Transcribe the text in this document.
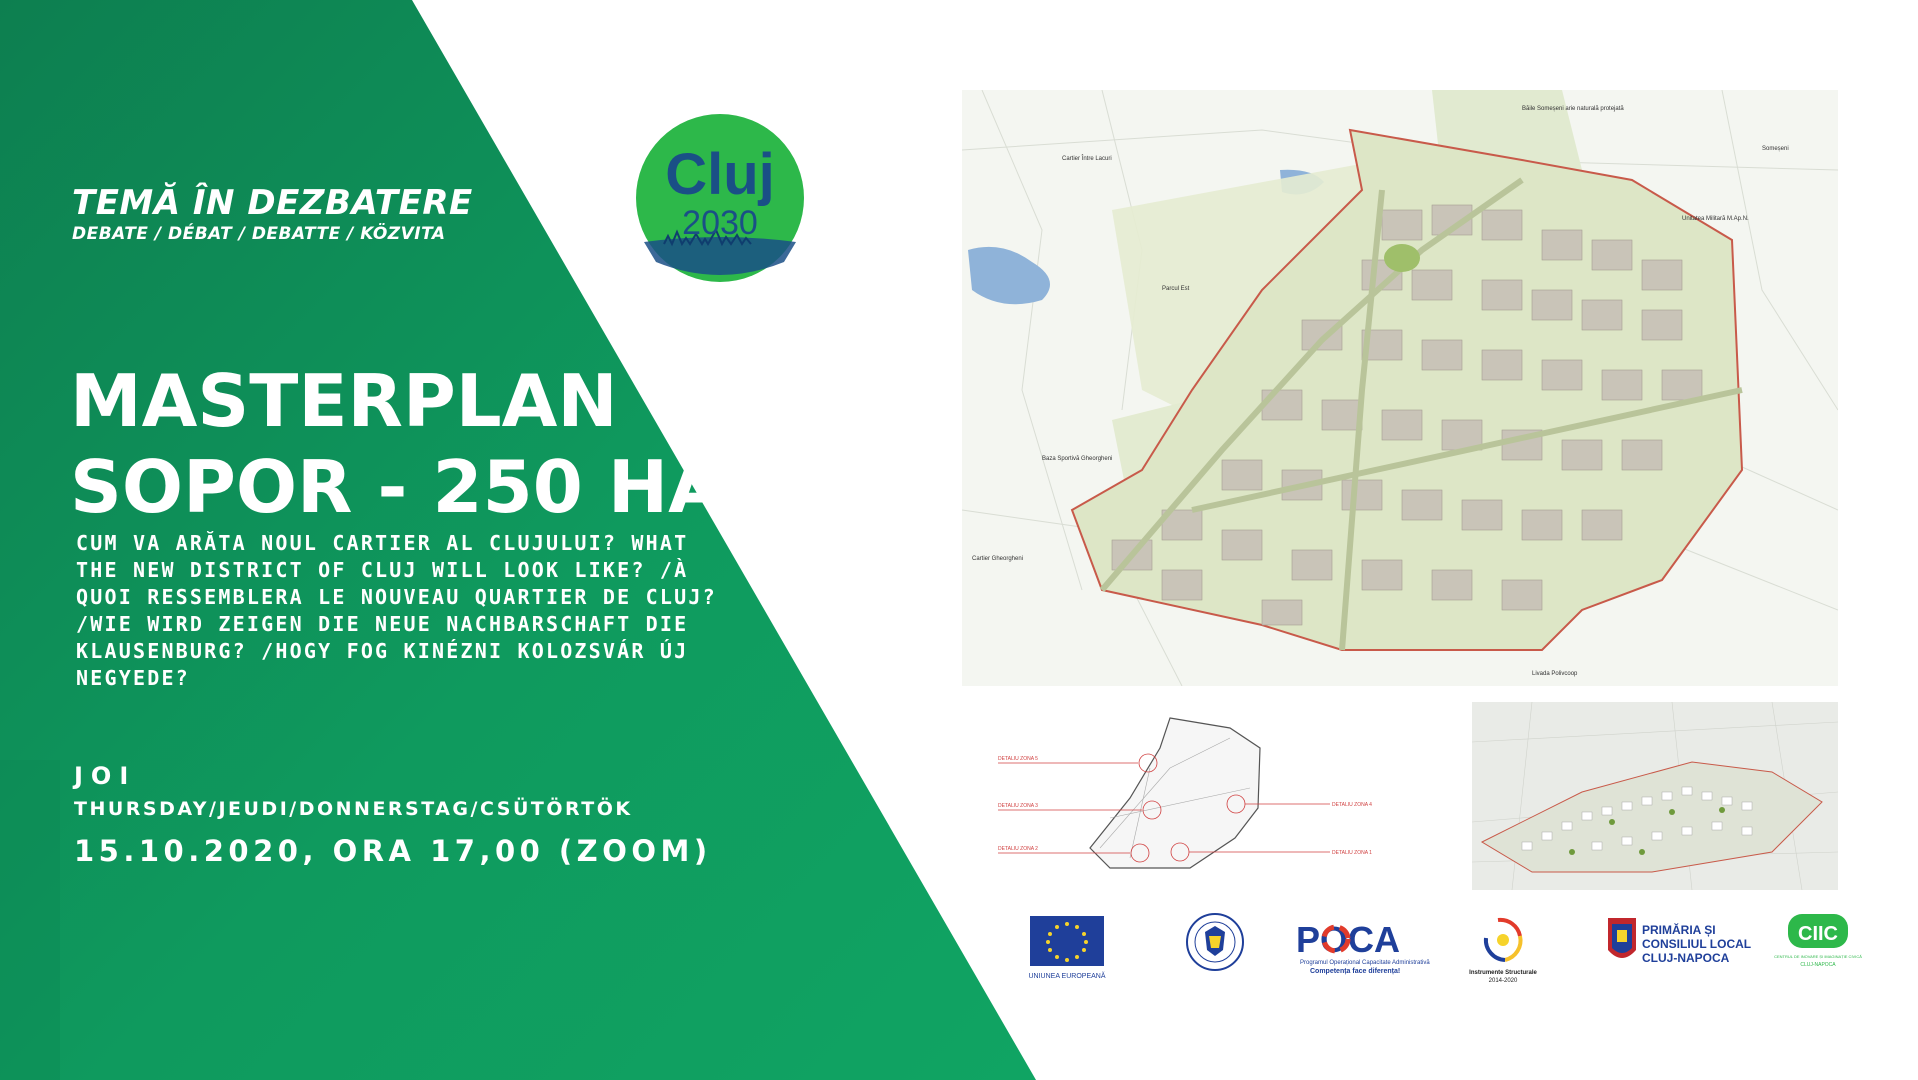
TEMĂ ÎN DEZBATERE
DEBATE / DÉBAT / DEBATTE / KÖZVITA
MASTERPLAN
SOPOR - 250 HA
CUM VA ARĂTA NOUL CARTIER AL CLUJULUI? WHAT THE NEW DISTRICT OF CLUJ WILL LOOK LIKE? /À QUOI RESSEMBLERA LE NOUVEAU QUARTIER DE CLUJ? /WIE WIRD ZEIGEN DIE NEUE NACHBARSCHAFT DIE KLAUSENBURG? /HOGY FOG KINÉZNI KOLOZSVÁR ÚJ NEGYEDE?
JOI
THURSDAY/JEUDI/DONNERSTAG/CSÜTÖRTÖK
15.10.2020, ORA 17,00 (ZOOM)
Cluj
2030
Parcul Est
Cartier Între Lacuri
Baza Sportivă Gheorgheni
Cartier Gheorgheni
Unitatea Militară M.Ap.N.
Livada Polivcoop
Băile Someșeni arie naturală protejată
Someșeni
DETALIU ZONA 5
DETALIU ZONA 3
DETALIU ZONA 2
DETALIU ZONA 4
DETALIU ZONA 1
UNIUNEA EUROPEANĂ
POCA
Programul Operațional Capacitate Administrativă
Competența face diferența!	Instrumente Structurale
2014-2020
PRIMĂRIA ȘI
CONSILIUL LOCAL
CLUJ-NAPOCA
CIIC
CENTRUL DE INOVARE ȘI IMAGINAȚIE CIVICĂ
CLUJ-NAPOCA
